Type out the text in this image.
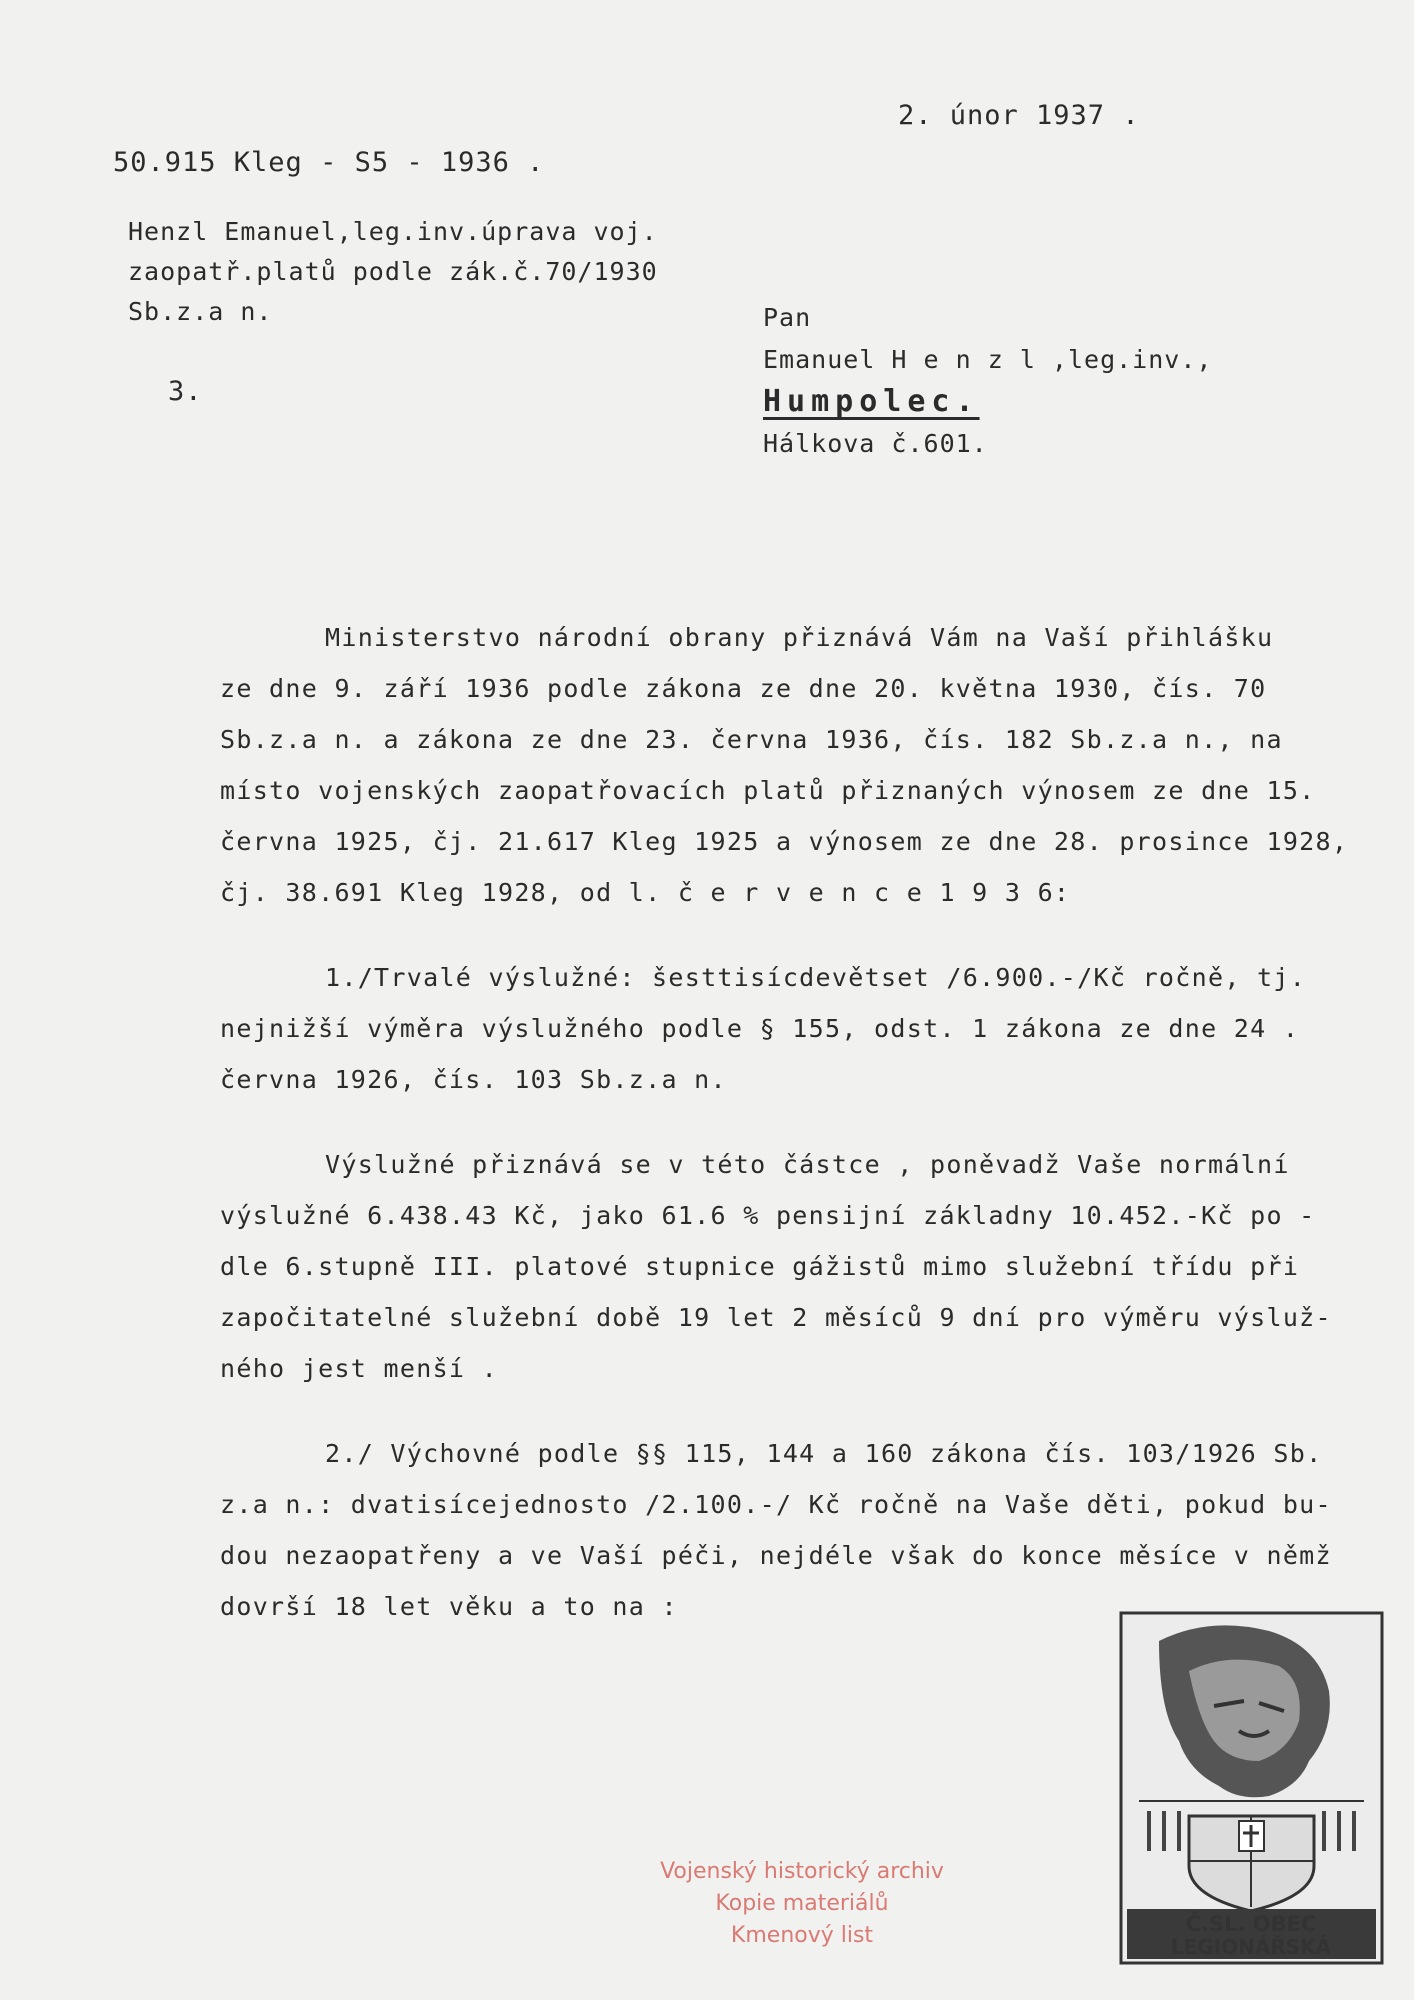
2. únor 1937 .
50.915 Kleg - S5 - 1936 .
Henzl Emanuel,leg.inv.úprava voj.
zaopatř.platů podle zák.č.70/1930
Sb.z.a n.
3.
Pan
Emanuel H e n z l ,leg.inv.,
Humpolec.
Hálkova č.601.
Ministerstvo národní obrany přiznává Vám na Vaší přihlášku
ze dne 9. září 1936 podle zákona ze dne 20. května 1930, čís. 70
Sb.z.a n. a zákona ze dne 23. června 1936, čís. 182 Sb.z.a n., na
místo vojenských zaopatřovacích platů přiznaných výnosem ze dne 15.
června 1925, čj. 21.617 Kleg 1925 a výnosem ze dne 28. prosince 1928,
čj. 38.691 Kleg 1928, od l. č e r v e n c e 1 9 3 6:
1./Trvalé výslužné: šesttisícdevětset /6.900.-/Kč ročně, tj.
nejnižší výměra výslužného podle § 155, odst. 1 zákona ze dne 24 .
června 1926, čís. 103 Sb.z.a n.
Výslužné přiznává se v této částce , poněvadž Vaše normální
výslužné 6.438.43 Kč, jako 61.6 % pensijní základny 10.452.-Kč po -
dle 6.stupně III. platové stupnice gážistů mimo služební třídu při
započitatelné služební době 19 let 2 měsíců 9 dní pro výměru výsluž-
ného jest menší .
2./ Výchovné podle §§ 115, 144 a 160 zákona čís. 103/1926 Sb.
z.a n.: dvatisícejednosto /2.100.-/ Kč ročně na Vaše děti, pokud bu-
dou nezaopatřeny a ve Vaší péči, nejdéle však do konce měsíce v němž
dovrší 18 let věku a to na :
Vojenský historický archiv
Kopie materiálů
Kmenový list	Č.SL. OBEC
LEGIONÁŘSKÁ
